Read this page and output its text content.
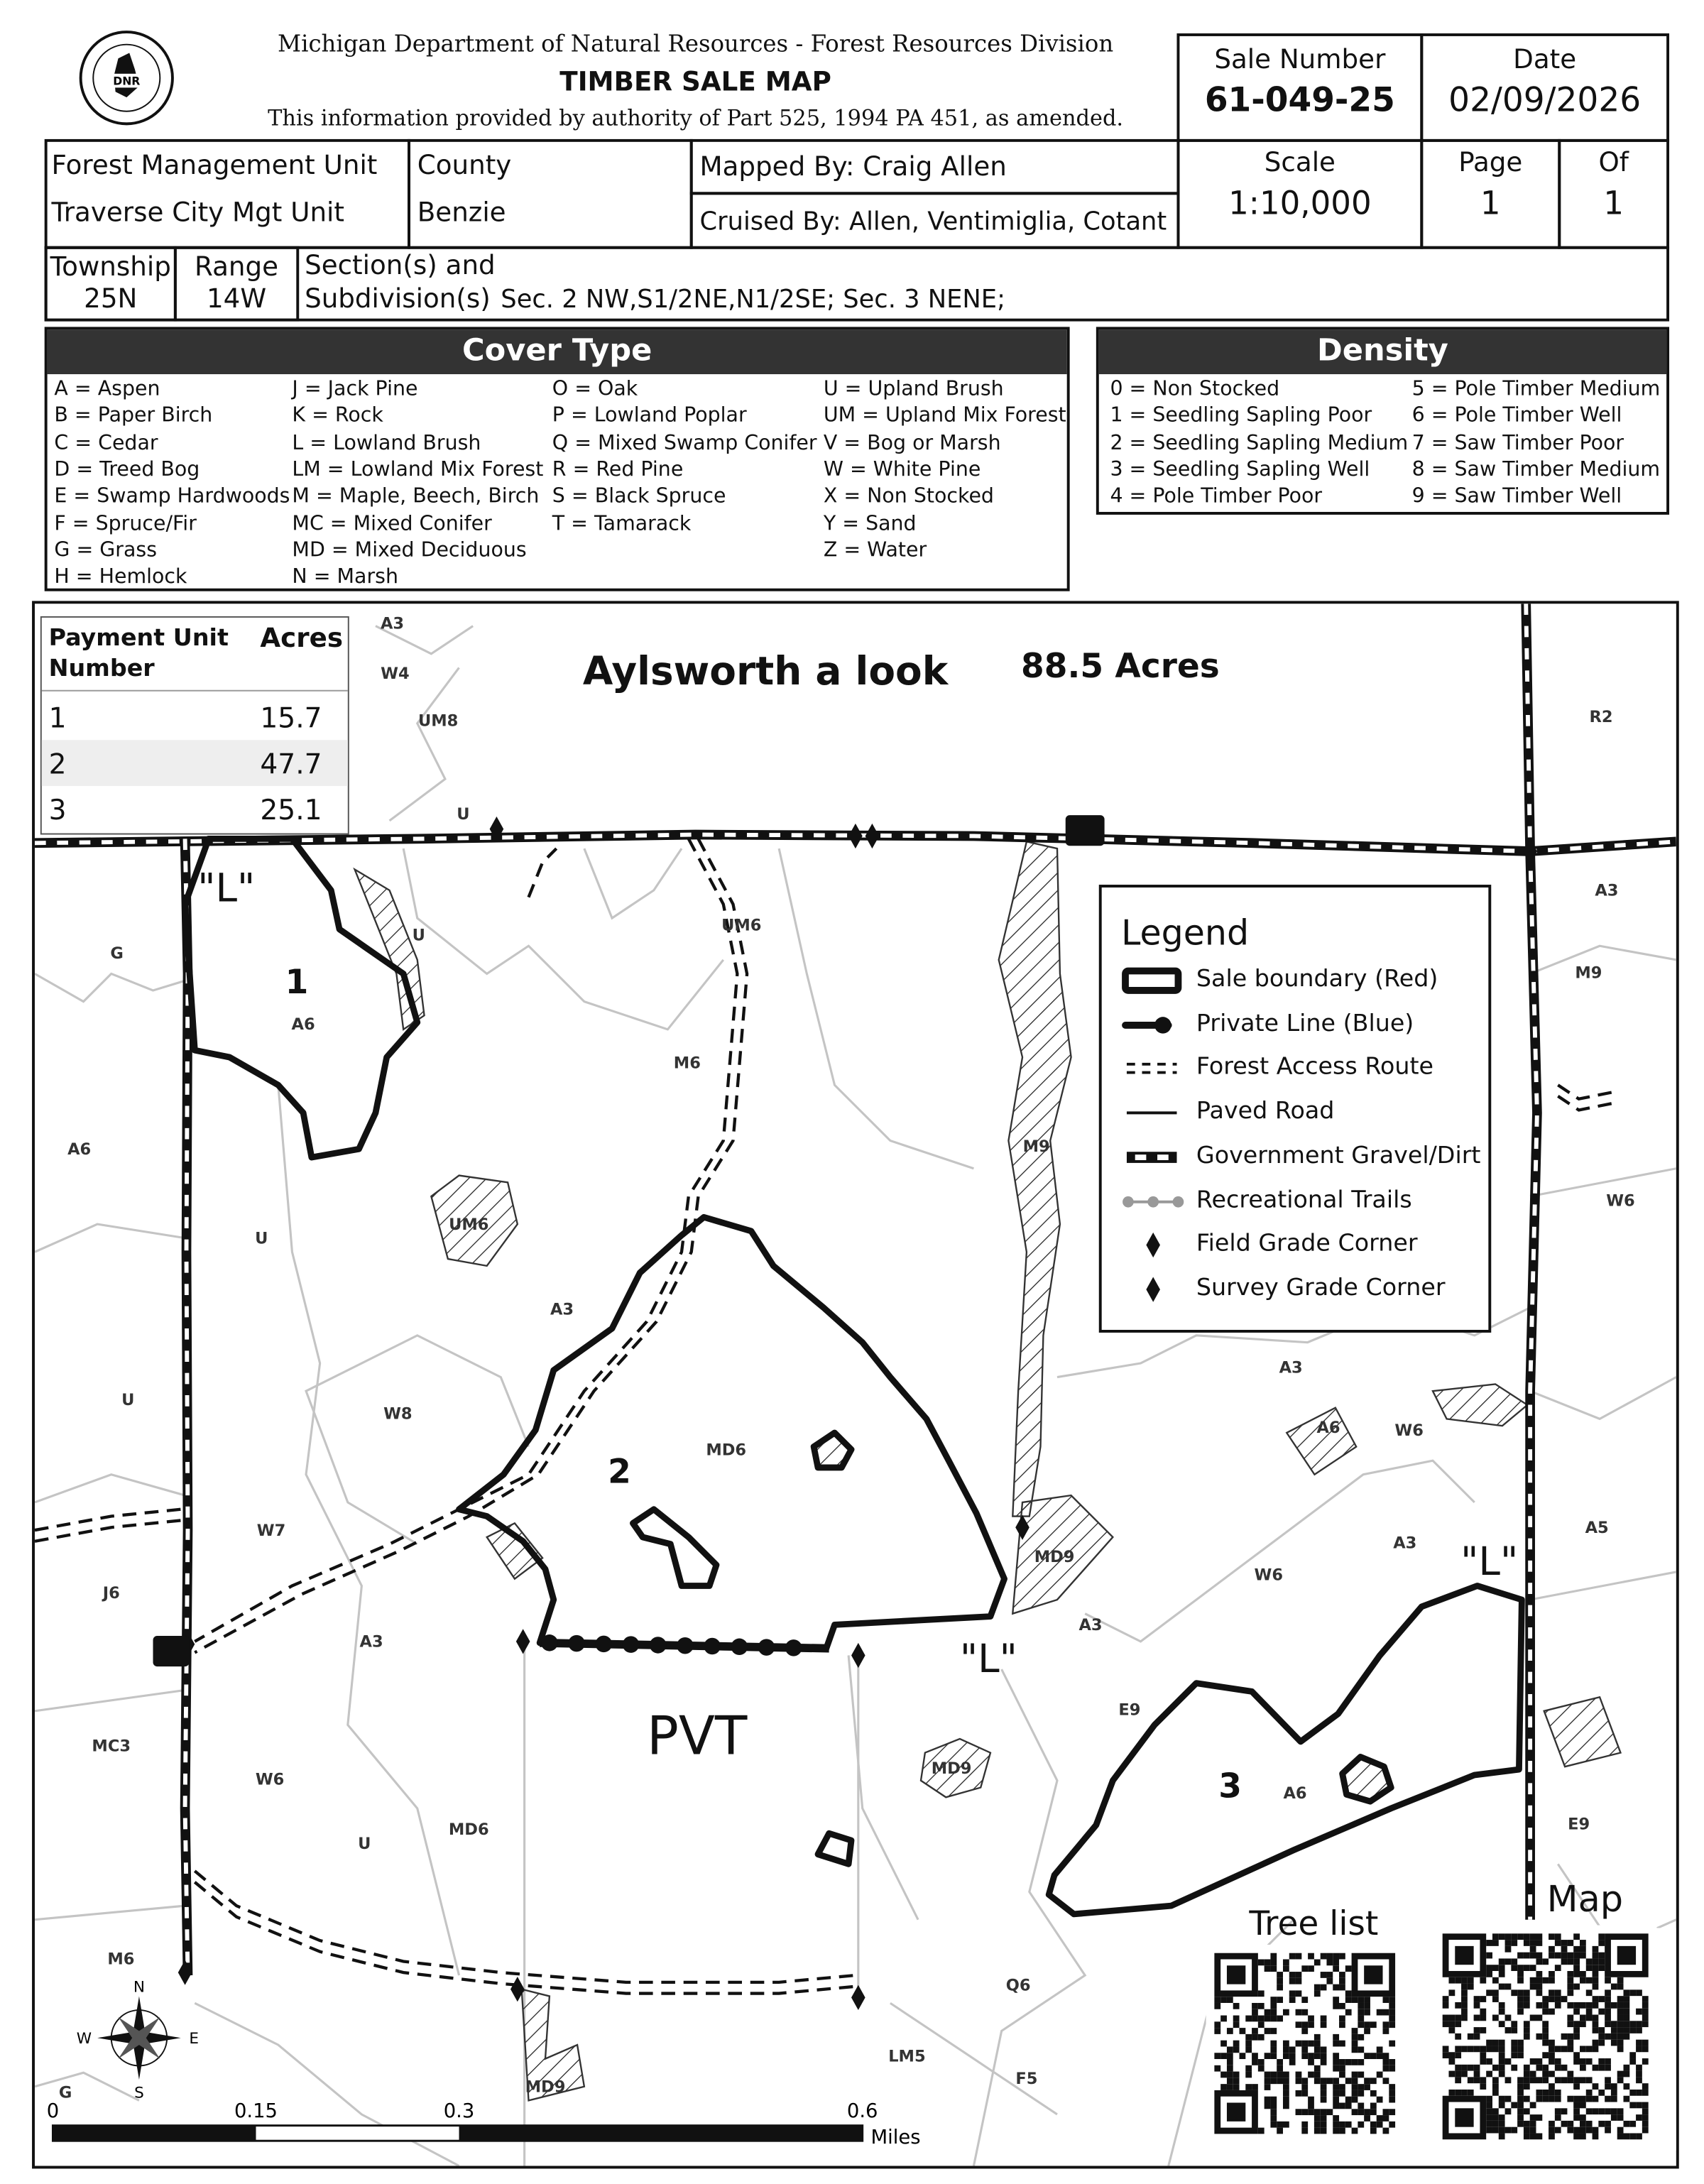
DNR
Michigan Department of Natural Resources - Forest Resources Division
TIMBER SALE MAP
This information provided by authority of Part 525, 1994 PA 451, as amended.
Sale Number
61-049-25
Date
02/09/2026
Scale
1:10,000
Page
1
Of
1
Forest Management Unit
Traverse City Mgt Unit
County
Benzie
Mapped By: Craig Allen
Cruised By: Allen, Ventimiglia, Cotant
Township
25N
Range
14W
Section(s) and
Subdivision(s) Sec. 2 NW,S1/2NE,N1/2SE; Sec. 3 NENE;
Cover Type
A = Aspen
B = Paper Birch
C = Cedar
D = Treed Bog
E = Swamp Hardwoods
F = Spruce/Fir
G = Grass
H = Hemlock
J = Jack Pine
K = Rock
L = Lowland Brush
LM = Lowland Mix Forest
M = Maple, Beech, Birch
MC = Mixed Conifer
MD = Mixed Deciduous
N = Marsh
O = Oak
P = Lowland Poplar
Q = Mixed Swamp Conifer
R = Red Pine
S = Black Spruce
T = Tamarack
U = Upland Brush
UM = Upland Mix Forest
V = Bog or Marsh
W = White Pine
X = Non Stocked
Y = Sand
Z = Water
Density
0 = Non Stocked
1 = Seedling Sapling Poor
2 = Seedling Sapling Medium
3 = Seedling Sapling Well
4 = Pole Timber Poor
5 = Pole Timber Medium
6 = Pole Timber Well
7 = Saw Timber Poor
8 = Saw Timber Medium
9 = Saw Timber Well
A3
W4
UM8
U
R2
A3
M9
UM6
G
U
A6
M6
M9
A6
W6
UM6
U
A3
A3
U
W8
A6	W6
MD6
A3
A5
W7
MD9
W6
J6
A3
A3
E9
MC3
MD9
W6
A6
E9
U
MD6
M6
Q6
LM5
F5
MD9
G
N
S
E
W
0	0.15	0.3	0.6
Miles
Payment Unit
Number
Acres
1	15.7
2	47.7
3	25.1
Aylsworth a look	88.5 Acres
1
2
3
PVT
"L"
"L"
"L"
Tree list
Map
Legend
Sale boundary (Red)
Private Line (Blue)
Forest Access Route
Paved Road
Government Gravel/Dirt
Recreational Trails
Field Grade Corner
Survey Grade Corner
